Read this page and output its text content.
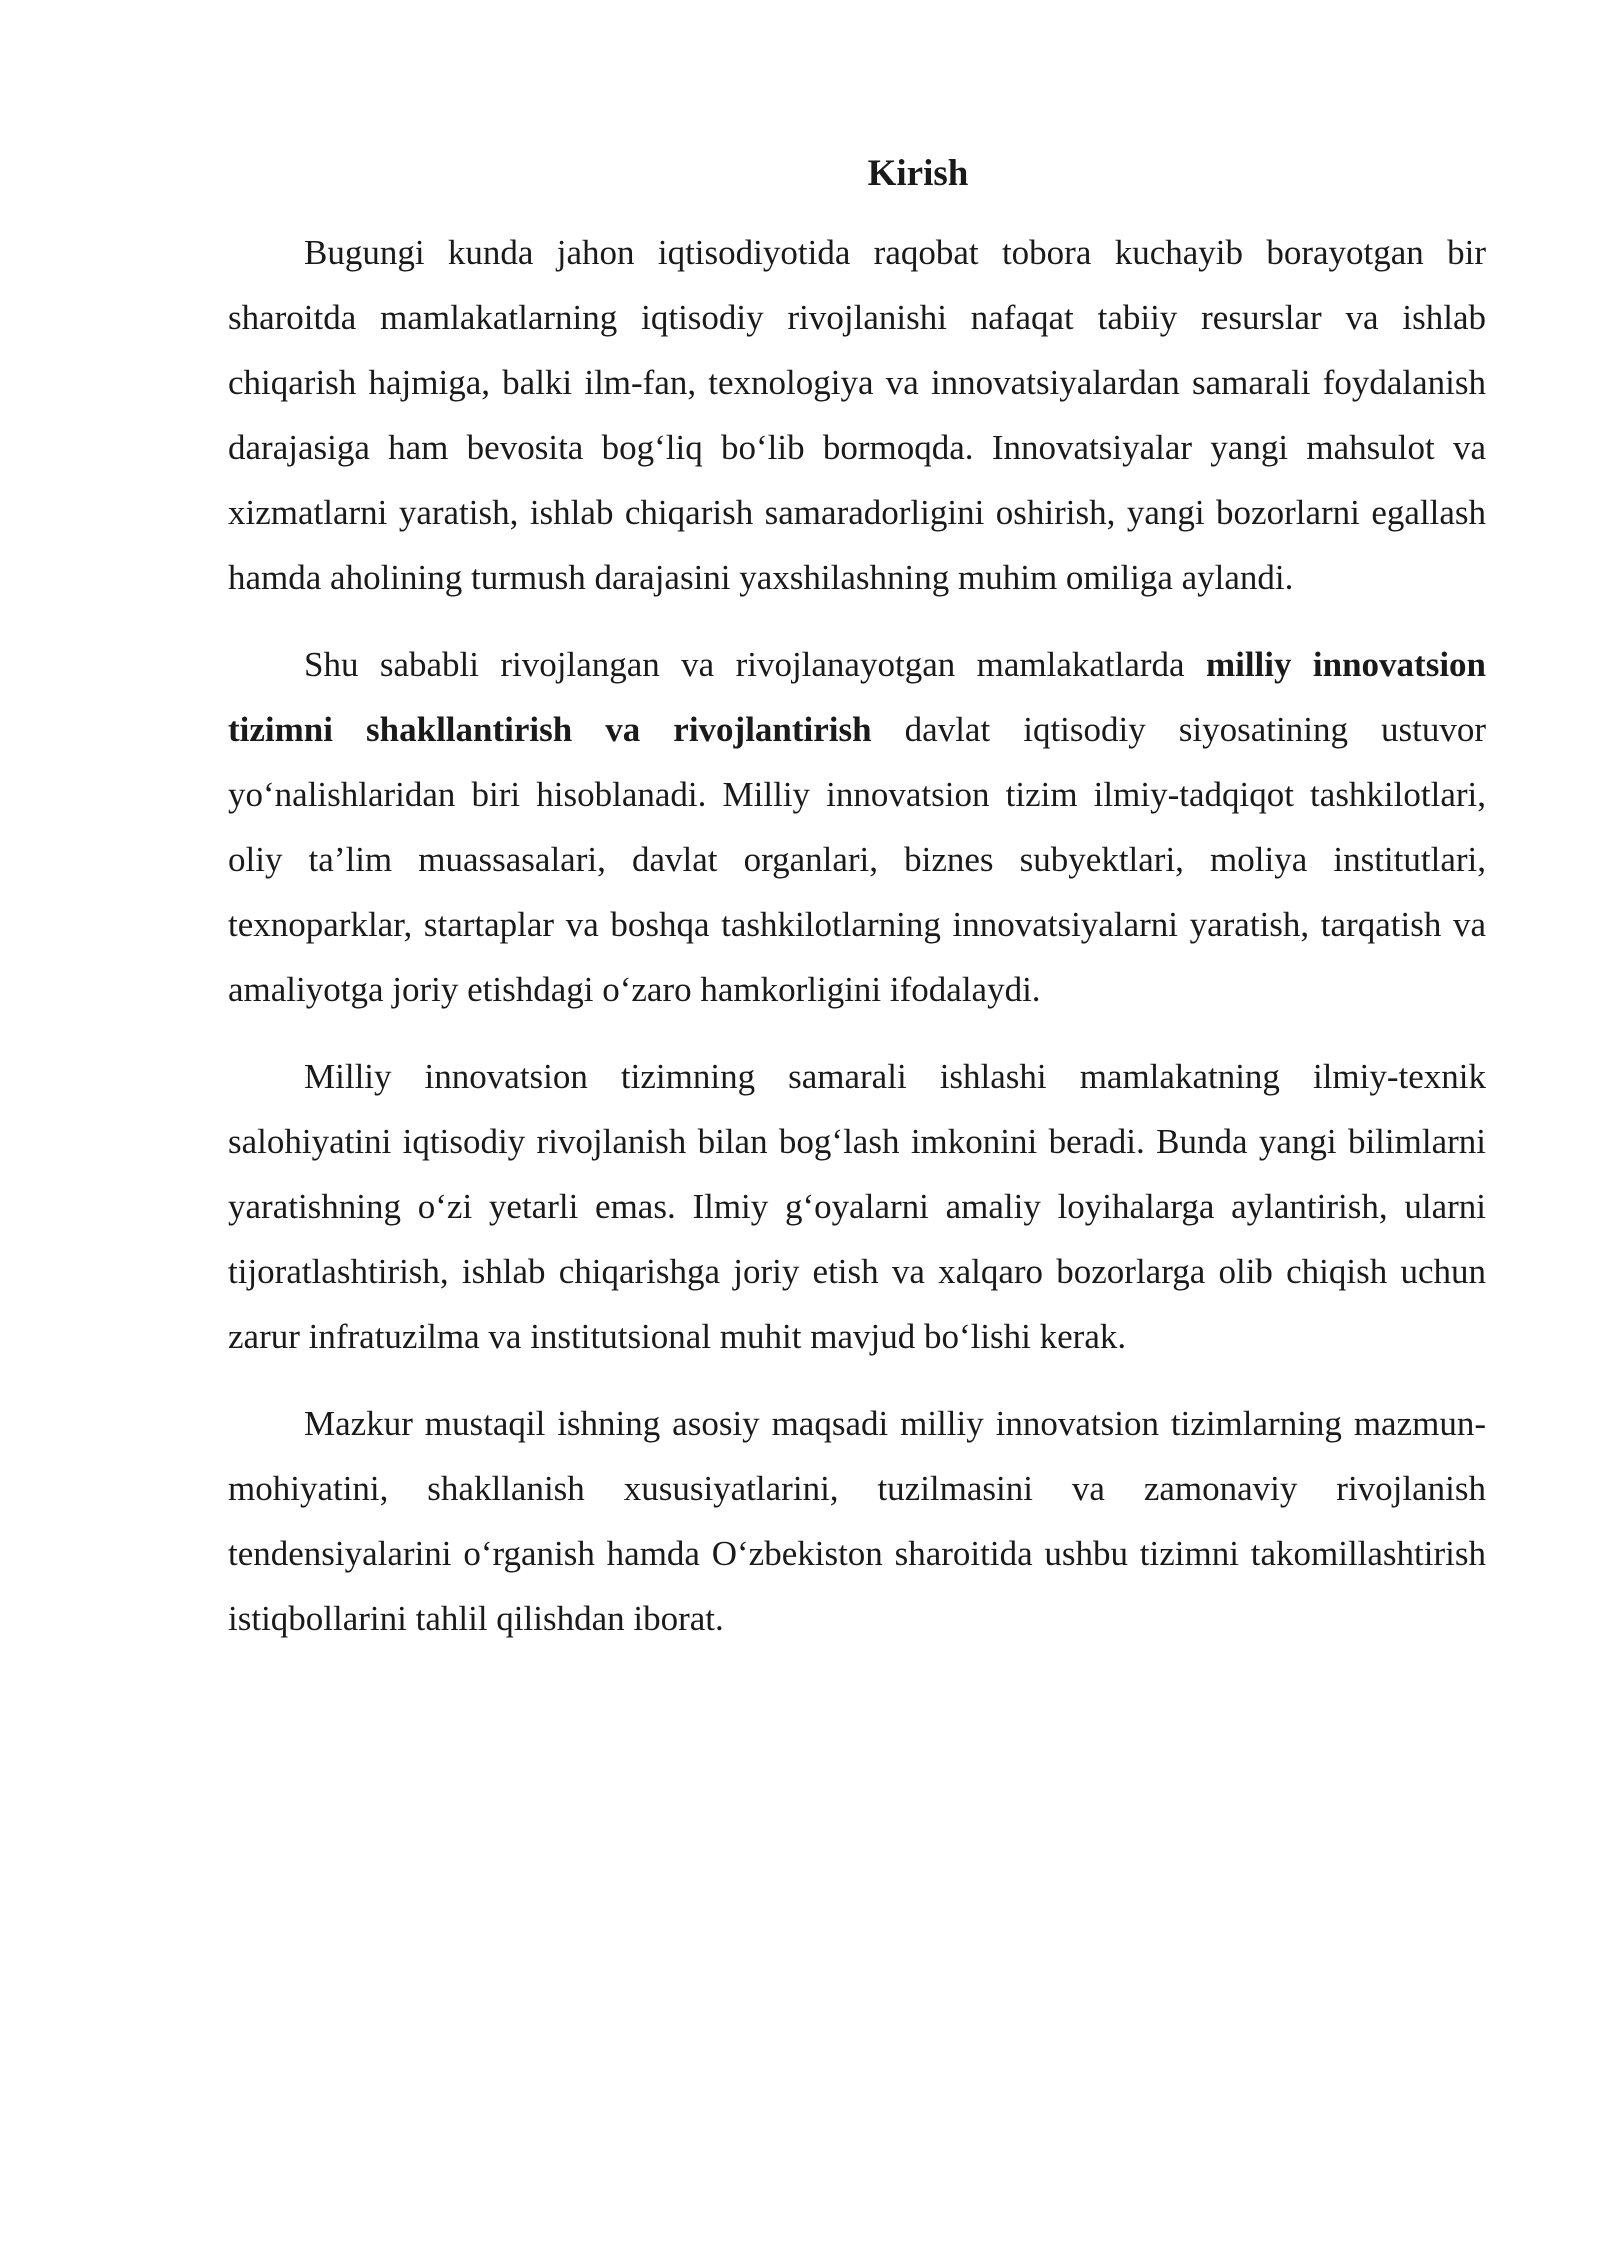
Kirish

Bugungi kunda jahon iqtisodiyotida raqobat tobora kuchayib borayotgan bir sharoitda mamlakatlarning iqtisodiy rivojlanishi nafaqat tabiiy resurslar va ishlab chiqarish hajmiga, balki ilm-fan, texnologiya va innovatsiyalardan samarali foydalanish darajasiga ham bevosita bog‘liq bo‘lib bormoqda. Innovatsiyalar yangi mahsulot va xizmatlarni yaratish, ishlab chiqarish samaradorligini oshirish, yangi bozorlarni egallash hamda aholining turmush darajasini yaxshilashning muhim omiliga aylandi.

Shu sababli rivojlangan va rivojlanayotgan mamlakatlarda milliy innovatsion tizimni shakllantirish va rivojlantirish davlat iqtisodiy siyosatining ustuvor yo‘nalishlaridan biri hisoblanadi. Milliy innovatsion tizim ilmiy-tadqiqot tashkilotlari, oliy ta’lim muassasalari, davlat organlari, biznes subyektlari, moliya institutlari, texnoparklar, startaplar va boshqa tashkilotlarning innovatsiyalarni yaratish, tarqatish va amaliyotga joriy etishdagi o‘zaro hamkorligini ifodalaydi.

Milliy innovatsion tizimning samarali ishlashi mamlakatning ilmiy-texnik salohiyatini iqtisodiy rivojlanish bilan bog‘lash imkonini beradi. Bunda yangi bilimlarni yaratishning o‘zi yetarli emas. Ilmiy g‘oyalarni amaliy loyihalarga aylantirish, ularni tijoratlashtirish, ishlab chiqarishga joriy etish va xalqaro bozorlarga olib chiqish uchun zarur infratuzilma va institutsional muhit mavjud bo‘lishi kerak.

Mazkur mustaqil ishning asosiy maqsadi milliy innovatsion tizimlarning mazmun-mohiyatini, shakllanish xususiyatlarini, tuzilmasini va zamonaviy rivojlanish tendensiyalarini o‘rganish hamda O‘zbekiston sharoitida ushbu tizimni takomillashtirish istiqbollarini tahlil qilishdan iborat.
